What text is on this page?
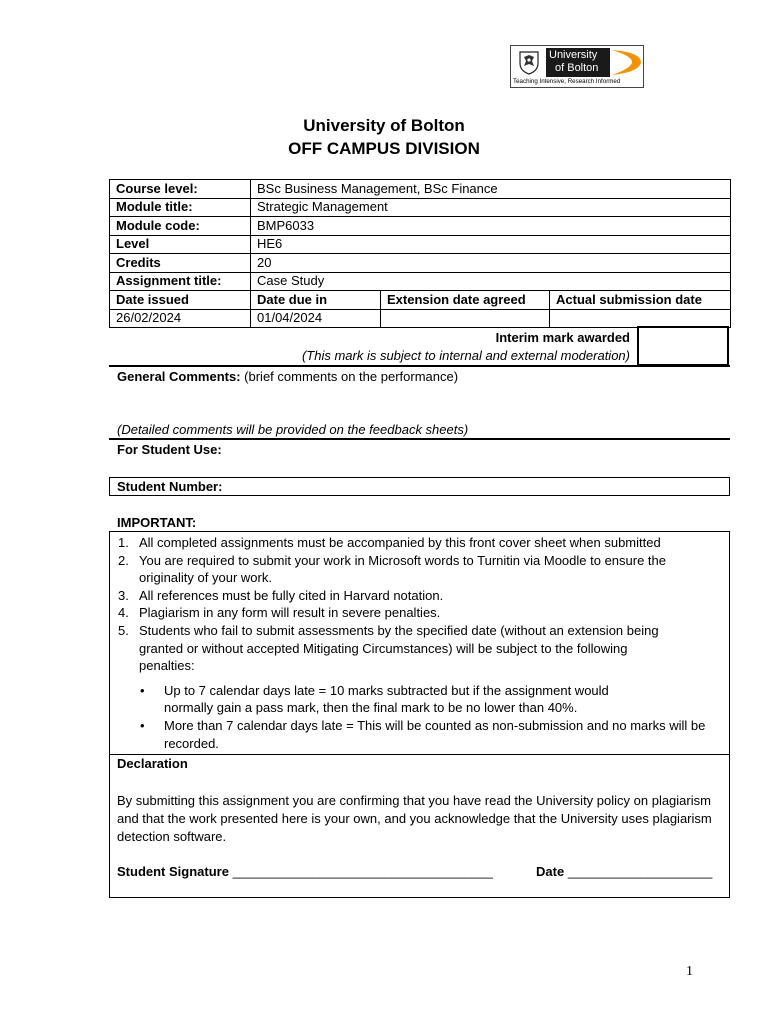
University
of Bolton
Teaching Intensive, Research Informed
University of Bolton
OFF CAMPUS DIVISION
Course level:	BSc Business Management, BSc Finance		
Module title:	Strategic Management		
Module code:	BMP6033		
Level	HE6		
Credits	20		
Assignment title:	Case Study		
Date issued	Date due in	Extension date agreed	Actual submission date
26/02/2024	01/04/2024		
Interim mark awarded
(This mark is subject to internal and external moderation)
General Comments: (brief comments on the performance)
(Detailed comments will be provided on the feedback sheets)
For Student Use:
Student Number:
IMPORTANT:
1. All completed assignments must be accompanied by this front cover sheet when submitted
2. You are required to submit your work in Microsoft words to Turnitin via Moodle to ensure the originality of your work.
3. All references must be fully cited in Harvard notation.
4. Plagiarism in any form will result in severe penalties.
5. Students who fail to submit assessments by the specified date (without an extension being granted or without accepted Mitigating Circumstances) will be subject to the following penalties:
• Up to 7 calendar days late = 10 marks subtracted but if the assignment would normally gain a pass mark, then the final mark to be no lower than 40%.
• More than 7 calendar days late = This will be counted as non-submission and no marks will be recorded.
Declaration
By submitting this assignment you are confirming that you have read the University policy on plagiarism and that the work presented here is your own, and you acknowledge that the University uses plagiarism detection software.
Student Signature ____________________________________	Date ____________________
1
